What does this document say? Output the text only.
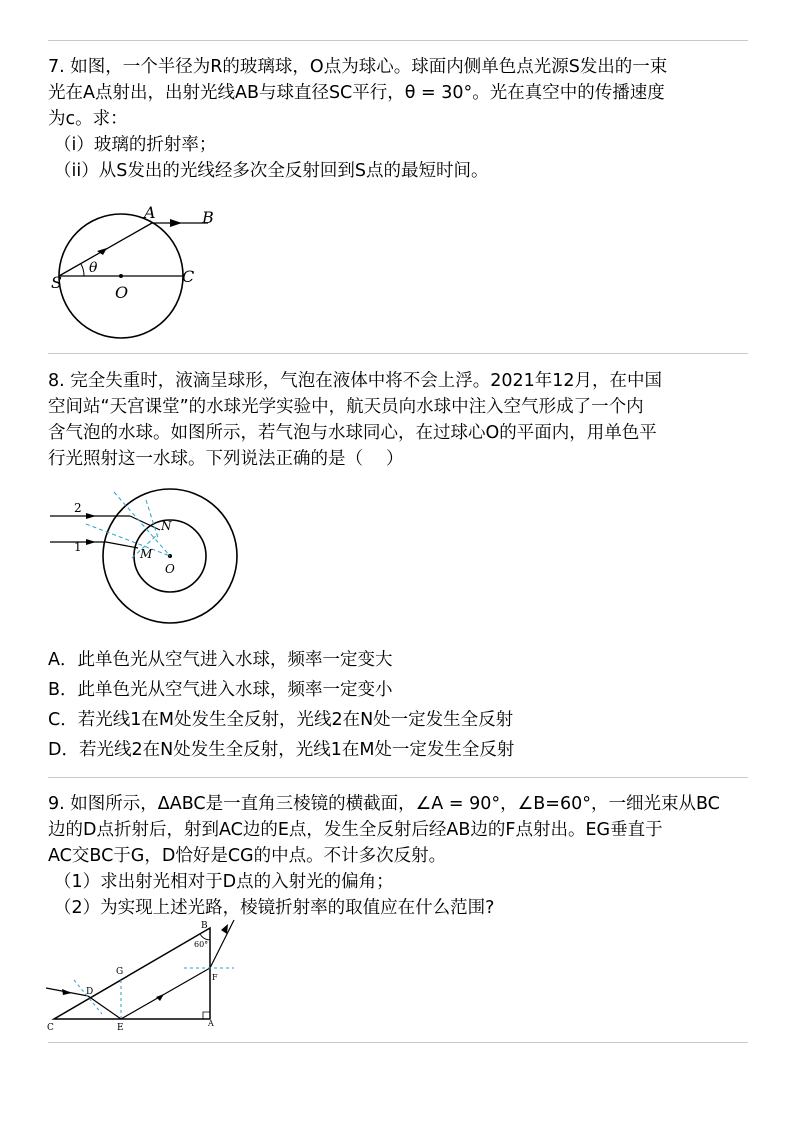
7. 如图，一个半径为R的玻璃球，O点为球心。球面内侧单色点光源S发出的一束
光在A点射出，出射光线AB与球直径SC平行，θ = 30°。光在真空中的传播速度
为c。求：
（i）玻璃的折射率；
（ii）从S发出的光线经多次全反射回到S点的最短时间。
A	B
S
O
C
θ
8. 完全失重时，液滴呈球形，气泡在液体中将不会上浮。2021年12月，在中国
空间站“天宫课堂”的水球光学实验中，航天员向水球中注入空气形成了一个内
含气泡的水球。如图所示，若气泡与水球同心，在过球心O的平面内，用单色平
行光照射这一水球。下列说法正确的是（　 ）
2
1
N
M
O
A．此单色光从空气进入水球，频率一定变大
B．此单色光从空气进入水球，频率一定变小
C．若光线1在M处发生全反射，光线2在N处一定发生全反射
D．若光线2在N处发生全反射，光线1在M处一定发生全反射
9. 如图所示，ΔABC是一直角三棱镜的横截面，∠A = 90°，∠B=60°，一细光束从BC
边的D点折射后，射到AC边的E点，发生全反射后经AB边的F点射出。EG垂直于
AC交BC于G，D恰好是CG的中点。不计多次反射。
（1）求出射光相对于D点的入射光的偏角；
（2）为实现上述光路，棱镜折射率的取值应在什么范围?
B
60°
G
D
F
C	E	A
